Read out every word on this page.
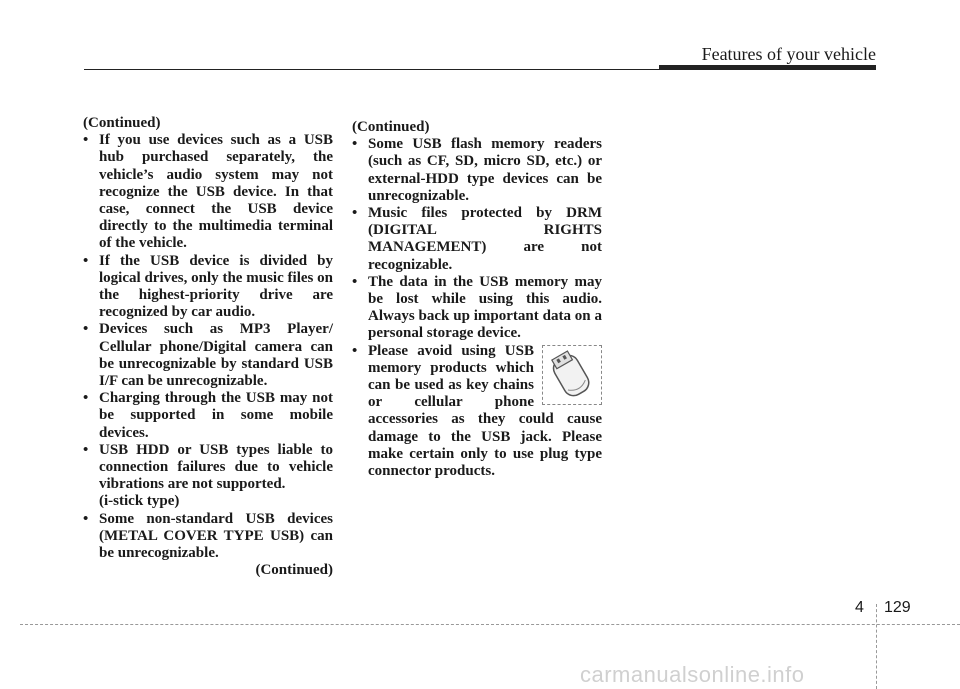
Features of your vehicle

(Continued)

• If you use devices such as a USB hub purchased separately, the vehicle’s audio system may not recognize the USB device. In that case, connect the USB device directly to the multimedia terminal of the vehicle.
• If the USB device is divided by logical drives, only the music files on the highest-priority drive are recognized by car audio.
• Devices such as MP3 Player/ Cellular phone/Digital camera can be unrecognizable by standard USB I/F can be unrecognizable.
• Charging through the USB may not be supported in some mobile devices.
• USB HDD or USB types liable to connection failures due to vehicle vibrations are not supported.
(i-stick type)
• Some non-standard USB devices (METAL COVER TYPE USB) can be unrecognizable.

(Continued)

(Continued)

• Some USB flash memory readers (such as CF, SD, micro SD, etc.) or external-HDD type devices can be unrecognizable.
• Music files protected by DRM (DIGITAL RIGHTS MANAGEMENT) are not recognizable.
• The data in the USB memory may be lost while using this audio. Always back up important data on a personal storage device.
• Please avoid using USB memory products which can be used as key chains or cellular phone accessories as they could cause damage to the USB jack. Please make certain only to use plug type connector products.
4 129
carmanualsonline.info
